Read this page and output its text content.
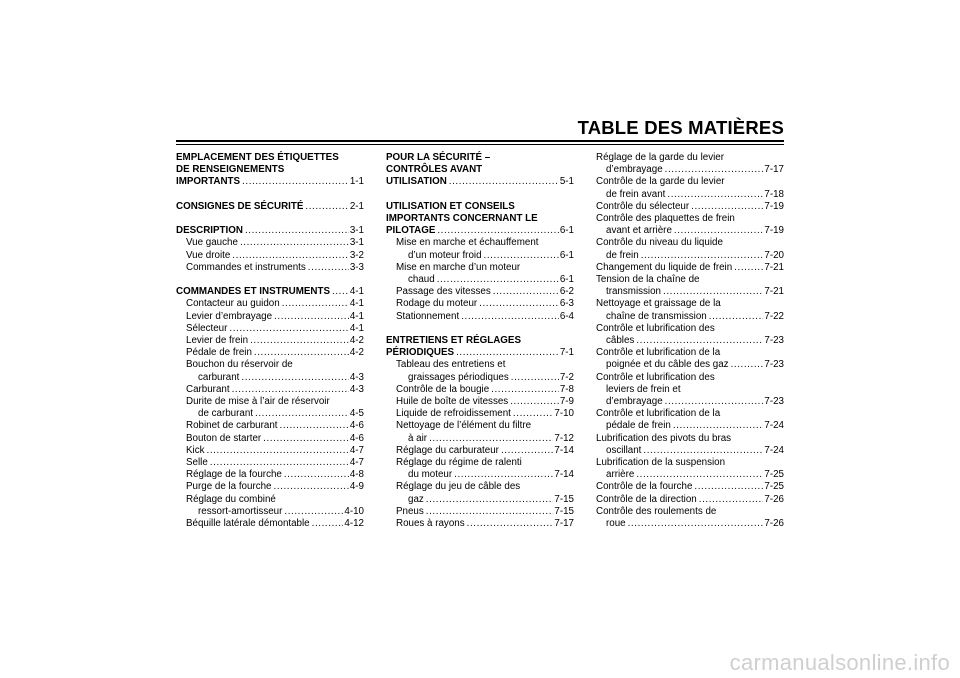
TABLE DES MATIÈRES
EMPLACEMENT DES ÉTIQUETTES
DE RENSEIGNEMENTS
IMPORTANTS .....	1-1
CONSIGNES DE SÉCURITÉ .....	2-1
DESCRIPTION .....	3-1
Vue gauche .....	3-1
Vue droite .....	3-2
Commandes et instruments .....	3-3
COMMANDES ET INSTRUMENTS ..... 4-1
Contacteur au guidon .....	4-1
Levier d’embrayage .....	4-1
Sélecteur .....	4-1
Levier de frein .....	4-2
Pédale de frein .....	4-2
Bouchon du réservoir de
carburant .....	4-3
Carburant .....	4-3
Durite de mise à l’air de réservoir
de carburant .....	4-5
Robinet de carburant .....	4-6
Bouton de starter .....	4-6
Kick .....	4-7
Selle .....	4-7
Réglage de la fourche .....	4-8
Purge de la fourche .....	4-9
Réglage du combiné
ressort-amortisseur .....	4-10
Béquille latérale démontable .....	4-12
POUR LA SÉCURITÉ –
CONTRÔLES AVANT
UTILISATION .....	5-1
UTILISATION ET CONSEILS
IMPORTANTS CONCERNANT LE
PILOTAGE .....	6-1
Mise en marche et échauffement
d’un moteur froid .....	6-1
Mise en marche d’un moteur
chaud .....	6-1
Passage des vitesses .....	6-2
Rodage du moteur .....	6-3
Stationnement .....	6-4
ENTRETIENS ET RÉGLAGES
PÉRIODIQUES .....	7-1
Tableau des entretiens et
graissages périodiques .....	7-2
Contrôle de la bougie .....	7-8
Huile de boîte de vitesses .....	7-9
Liquide de refroidissement .....	7-10
Nettoyage de l’élément du filtre
à air .....	7-12
Réglage du carburateur .....	7-14
Réglage du régime de ralenti
du moteur .....	7-14
Réglage du jeu de câble des
gaz .....	7-15
Pneus .....	7-15
Roues à rayons .....	7-17
Réglage de la garde du levier
d’embrayage .....	7-17
Contrôle de la garde du levier
de frein avant .....	7-18
Contrôle du sélecteur .....	7-19
Contrôle des plaquettes de frein
avant et arrière .....	7-19
Contrôle du niveau du liquide
de frein .....	7-20
Changement du liquide de frein .....	7-21
Tension de la chaîne de
transmission .....	7-21
Nettoyage et graissage de la
chaîne de transmission .....	7-22
Contrôle et lubrification des
câbles .....	7-23
Contrôle et lubrification de la
poignée et du câble des gaz .....	7-23
Contrôle et lubrification des
leviers de frein et
d’embrayage .....	7-23
Contrôle et lubrification de la
pédale de frein .....	7-24
Lubrification des pivots du bras
oscillant .....	7-24
Lubrification de la suspension
arrière .....	7-25
Contrôle de la fourche .....	7-25
Contrôle de la direction .....	7-26
Contrôle des roulements de
roue .....	7-26
carmanualsonline.info
